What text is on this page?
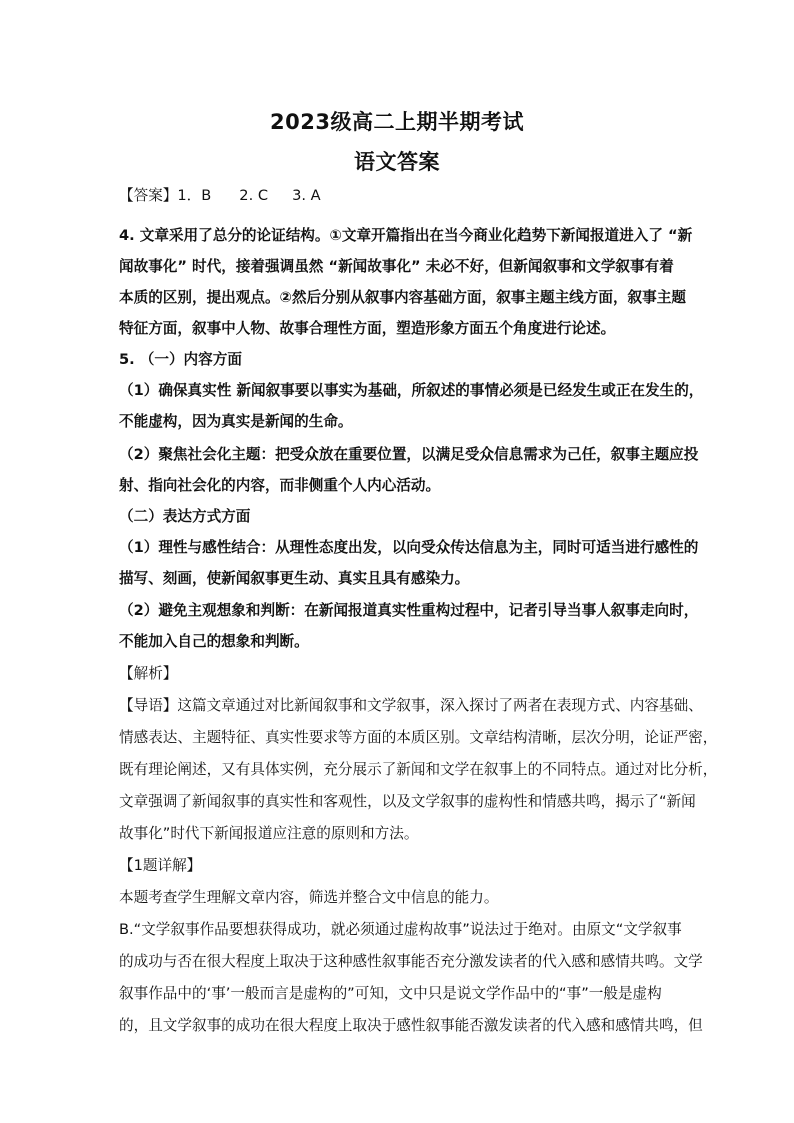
2023级高二上期半期考试
语文答案
【答案】1．B 2. C 3. A
4. 文章采用了总分的论证结构。①文章开篇指出在当今商业化趋势下新闻报道进入了 “新
闻故事化” 时代，接着强调虽然 “新闻故事化” 未必不好，但新闻叙事和文学叙事有着
本质的区别，提出观点。②然后分别从叙事内容基础方面，叙事主题主线方面，叙事主题
特征方面，叙事中人物、故事合理性方面，塑造形象方面五个角度进行论述。
5. （一）内容方面
（1）确保真实性 新闻叙事要以事实为基础，所叙述的事情必须是已经发生或正在发生的，
不能虚构，因为真实是新闻的生命。
（2）聚焦社会化主题：把受众放在重要位置，以满足受众信息需求为己任，叙事主题应投
射、指向社会化的内容，而非侧重个人内心活动。
（二）表达方式方面
（1）理性与感性结合：从理性态度出发，以向受众传达信息为主，同时可适当进行感性的
描写、刻画，使新闻叙事更生动、真实且具有感染力。
（2）避免主观想象和判断：在新闻报道真实性重构过程中，记者引导当事人叙事走向时，
不能加入自己的想象和判断。
【解析】
【导语】这篇文章通过对比新闻叙事和文学叙事，深入探讨了两者在表现方式、内容基础、
情感表达、主题特征、真实性要求等方面的本质区别。文章结构清晰，层次分明，论证严密，
既有理论阐述，又有具体实例，充分展示了新闻和文学在叙事上的不同特点。通过对比分析，
文章强调了新闻叙事的真实性和客观性，以及文学叙事的虚构性和情感共鸣，揭示了“新闻
故事化”时代下新闻报道应注意的原则和方法。
【1题详解】
本题考查学生理解文章内容，筛选并整合文中信息的能力。
B.“文学叙事作品要想获得成功，就必须通过虚构故事”说法过于绝对。由原文“文学叙事
的成功与否在很大程度上取决于这种感性叙事能否充分激发读者的代入感和感情共鸣。文学
叙事作品中的‘事’一般而言是虚构的”可知，文中只是说文学作品中的“事”一般是虚构
的，且文学叙事的成功在很大程度上取决于感性叙事能否激发读者的代入感和感情共鸣，但
